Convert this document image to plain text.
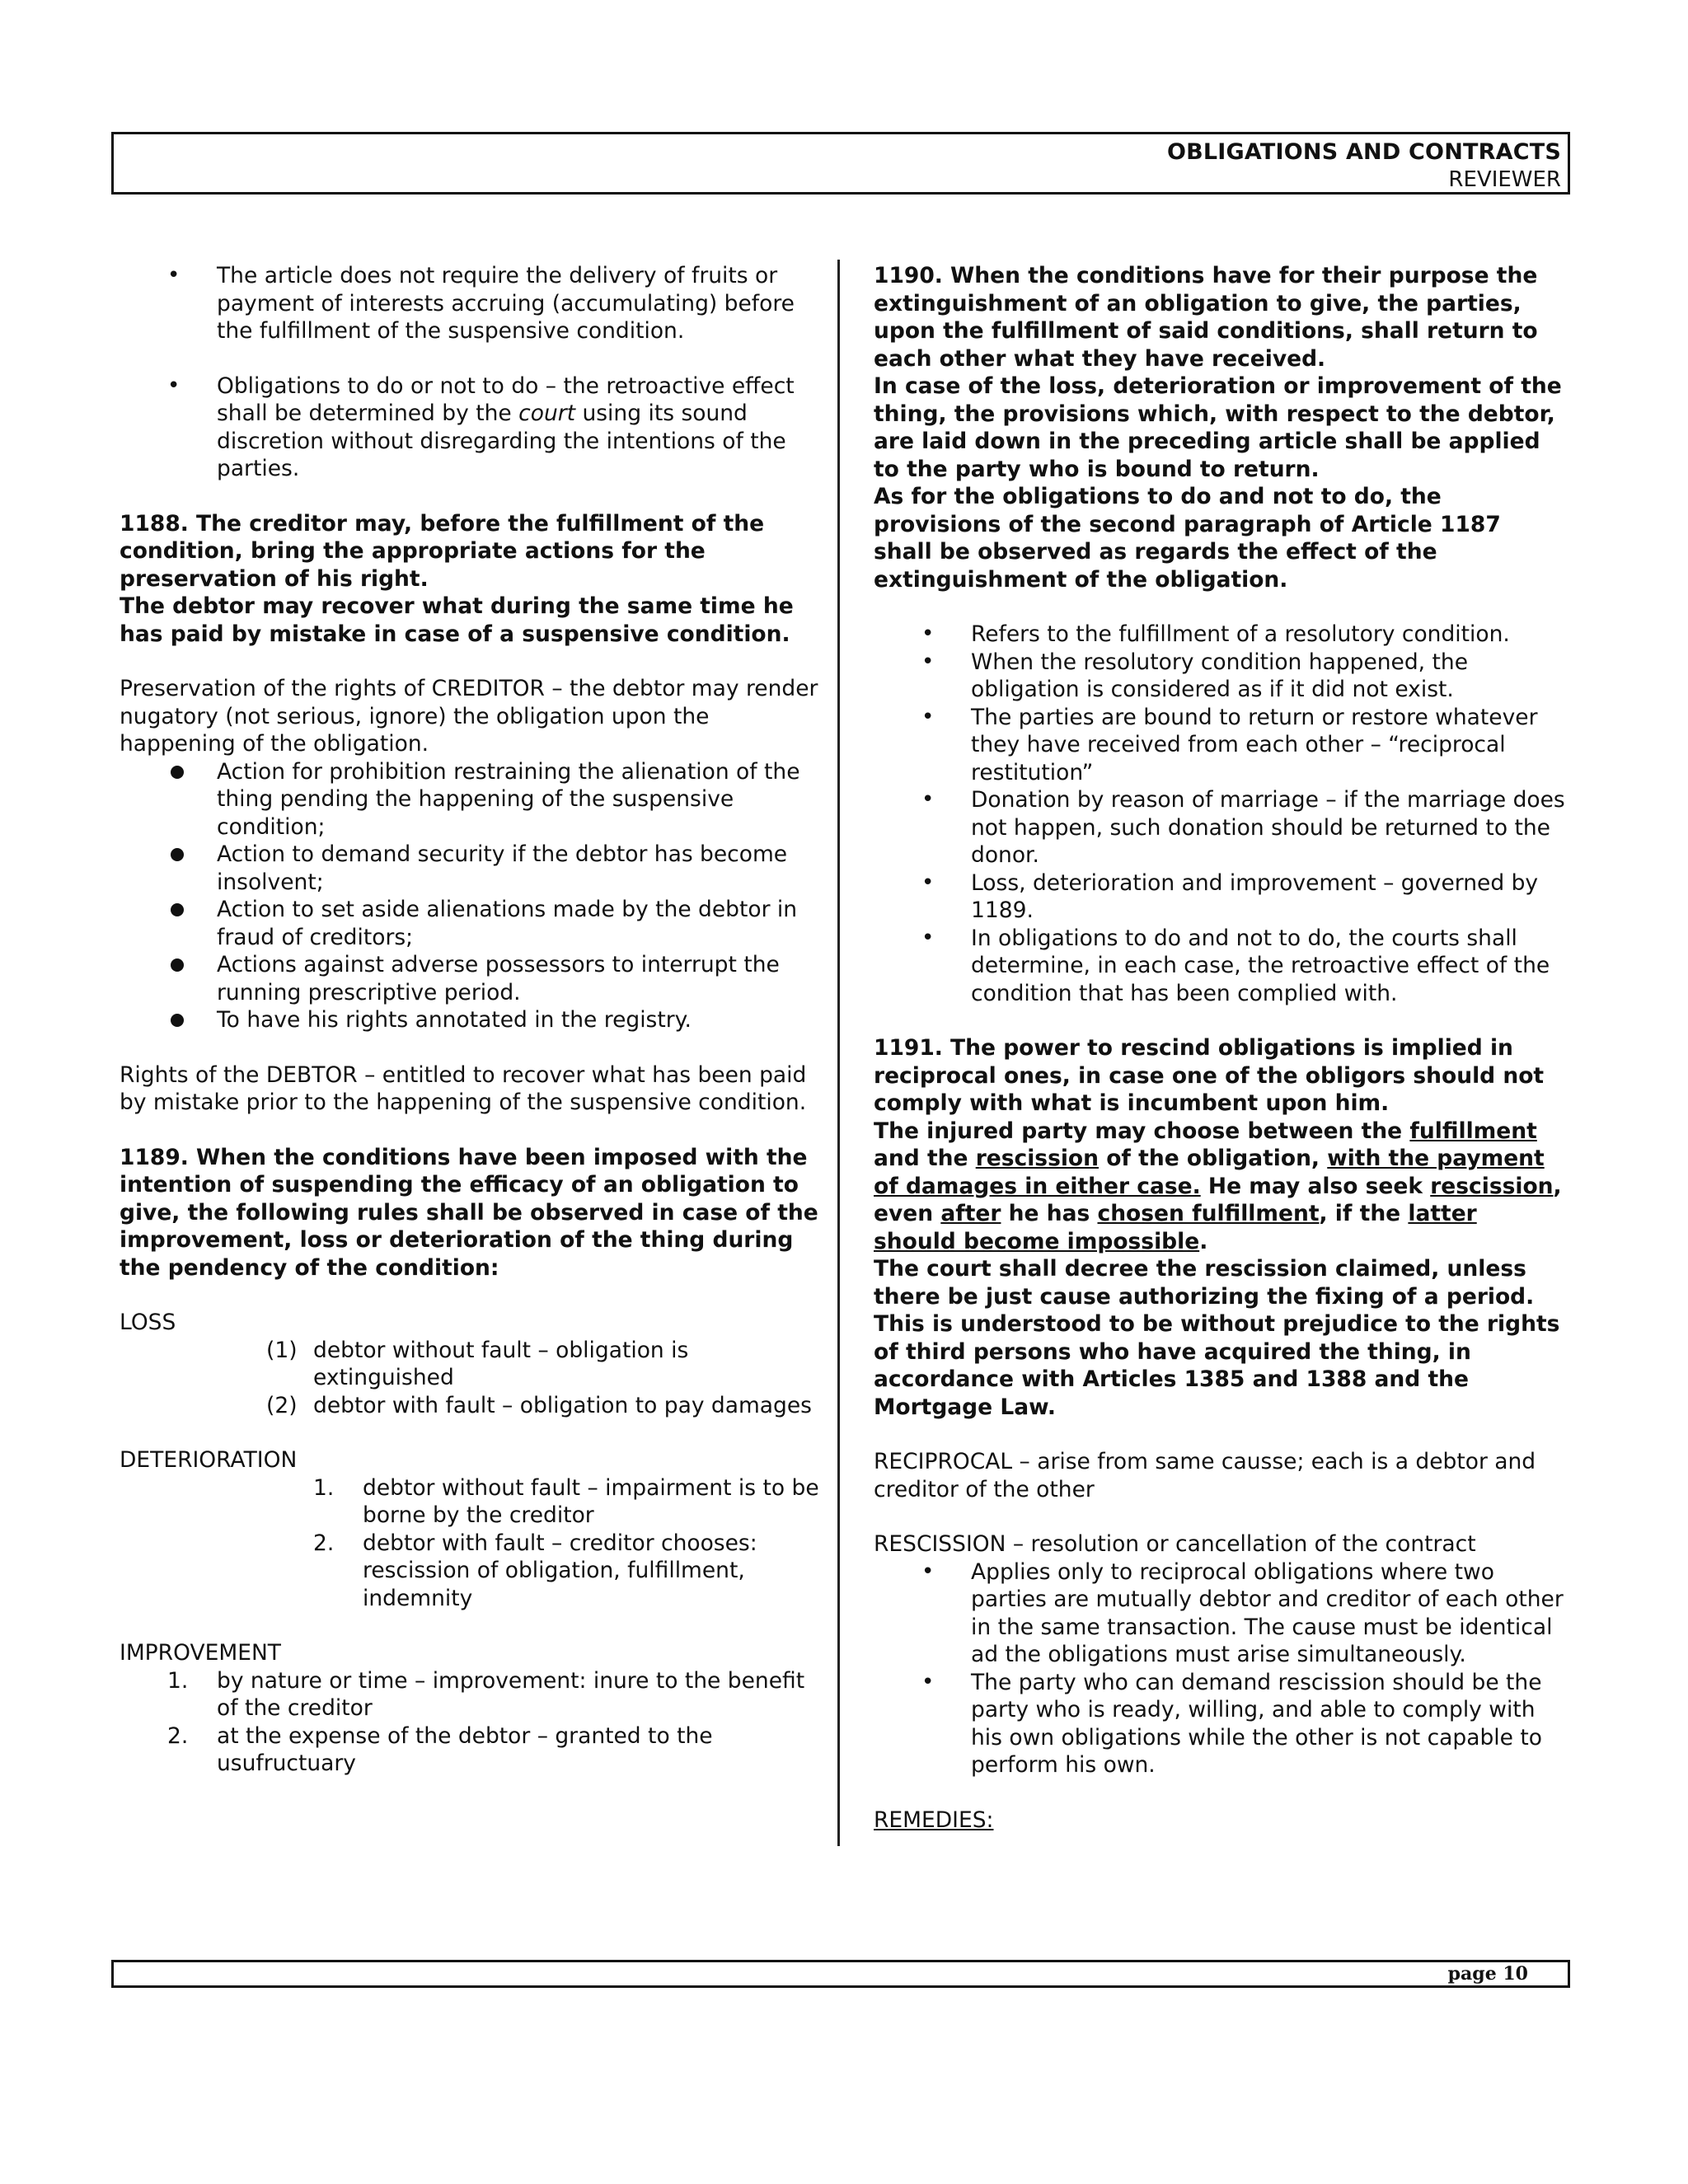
OBLIGATIONS AND CONTRACTS
REVIEWER
• The article does not require the delivery of fruits or payment of interests accruing (accumulating) before the fulfillment of the suspensive condition.
• Obligations to do or not to do – the retroactive effect shall be determined by the court using its sound discretion without disregarding the intentions of the parties.

1188. The creditor may, before the fulfillment of the condition, bring the appropriate actions for the preservation of his right.

The debtor may recover what during the same time he has paid by mistake in case of a suspensive condition.

Preservation of the rights of CREDITOR – the debtor may render nugatory (not serious, ignore) the obligation upon the happening of the obligation.

Action for prohibition restraining the alienation of the thing pending the happening of the suspensive condition;
Action to demand security if the debtor has become insolvent;
Action to set aside alienations made by the debtor in fraud of creditors;
Actions against adverse possessors to interrupt the running prescriptive period.
To have his rights annotated in the registry.

Rights of the DEBTOR – entitled to recover what has been paid by mistake prior to the happening of the suspensive condition.

1189. When the conditions have been imposed with the intention of suspending the efficacy of an obligation to give, the following rules shall be observed in case of the improvement, loss or deterioration of the thing during the pendency of the condition:

LOSS

(1) debtor without fault – obligation is extinguished
(2) debtor with fault – obligation to pay damages

DETERIORATION

1. debtor without fault – impairment is to be borne by the creditor
2. debtor with fault – creditor chooses: rescission of obligation, fulfillment, indemnity

IMPROVEMENT

1. by nature or time – improvement: inure to the benefit of the creditor
2. at the expense of the debtor – granted to the usufructuary

1190. When the conditions have for their purpose the extinguishment of an obligation to give, the parties, upon the fulfillment of said conditions, shall return to each other what they have received.

In case of the loss, deterioration or improvement of the thing, the provisions which, with respect to the debtor, are laid down in the preceding article shall be applied to the party who is bound to return.

As for the obligations to do and not to do, the provisions of the second paragraph of Article 1187 shall be observed as regards the effect of the extinguishment of the obligation.

• Refers to the fulfillment of a resolutory condition.
• When the resolutory condition happened, the obligation is considered as if it did not exist.
• The parties are bound to return or restore whatever they have received from each other – “reciprocal restitution”
• Donation by reason of marriage – if the marriage does not happen, such donation should be returned to the donor.
• Loss, deterioration and improvement – governed by 1189.
• In obligations to do and not to do, the courts shall determine, in each case, the retroactive effect of the condition that has been complied with.

1191. The power to rescind obligations is implied in reciprocal ones, in case one of the obligors should not comply with what is incumbent upon him.

The injured party may choose between the fulfillment and the rescission of the obligation, with the payment of damages in either case. He may also seek rescission, even after he has chosen fulfillment, if the latter should become impossible.

The court shall decree the rescission claimed, unless there be just cause authorizing the fixing of a period.

This is understood to be without prejudice to the rights of third persons who have acquired the thing, in accordance with Articles 1385 and 1388 and the Mortgage Law.

RECIPROCAL – arise from same causse; each is a debtor and creditor of the other

RESCISSION – resolution or cancellation of the contract

• Applies only to reciprocal obligations where two parties are mutually debtor and creditor of each other in the same transaction. The cause must be identical ad the obligations must arise simultaneously.
• The party who can demand rescission should be the party who is ready, willing, and able to comply with his own obligations while the other is not capable to perform his own.

REMEDIES:

page 10
